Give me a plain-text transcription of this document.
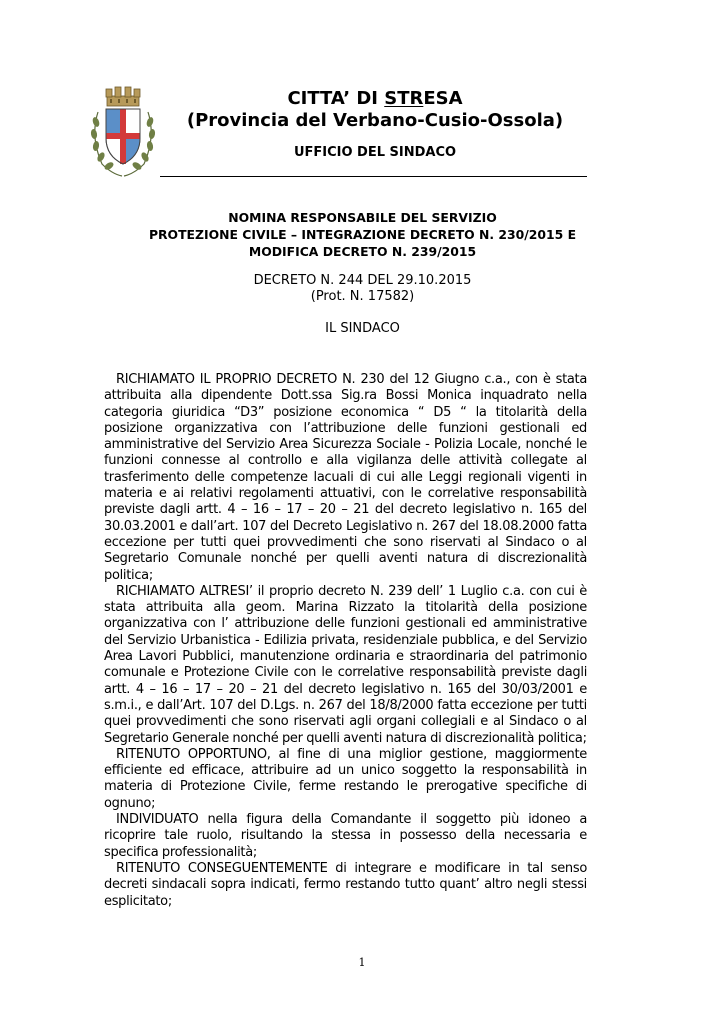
CITTA’ DI STRESA
(Provincia del Verbano-Cusio-Ossola)
UFFICIO DEL SINDACO
NOMINA RESPONSABILE DEL SERVIZIO
PROTEZIONE CIVILE – INTEGRAZIONE DECRETO N. 230/2015 E
MODIFICA DECRETO N. 239/2015
DECRETO N. 244 DEL 29.10.2015
(Prot. N. 17582)
IL SINDACO

RICHIAMATO IL PROPRIO DECRETO N. 230 del 12 Giugno c.a., con è stata attribuita alla dipendente Dott.ssa Sig.ra Bossi Monica inquadrato nella categoria giuridica “D3” posizione economica “ D5 “ la titolarità della posizione organizzativa con l’attribuzione delle funzioni gestionali ed amministrative del Servizio Area Sicurezza Sociale - Polizia Locale, nonché le funzioni connesse al controllo e alla vigilanza delle attività collegate al trasferimento delle competenze lacuali di cui alle Leggi regionali vigenti in materia e ai relativi regolamenti attuativi, con le correlative responsabilità previste dagli artt. 4 – 16 – 17 – 20 – 21 del decreto legislativo n. 165 del 30.03.2001 e dall’art. 107 del Decreto Legislativo n. 267 del 18.08.2000 fatta eccezione per tutti quei provvedimenti che sono riservati al Sindaco o al Segretario Comunale nonché per quelli aventi natura di discrezionalità politica;

RICHIAMATO ALTRESI’ il proprio decreto N. 239 dell’ 1 Luglio c.a. con cui è stata attribuita alla geom. Marina Rizzato la titolarità della posizione organizzativa con l’ attribuzione delle funzioni gestionali ed amministrative del Servizio Urbanistica - Edilizia privata, residenziale pubblica, e del Servizio Area Lavori Pubblici, manutenzione ordinaria e straordinaria del patrimonio comunale e Protezione Civile con le correlative responsabilità previste dagli artt. 4 – 16 – 17 – 20 – 21 del decreto legislativo n. 165 del 30/03/2001 e s.m.i., e dall’Art. 107 del D.Lgs. n. 267 del 18/8/2000 fatta eccezione per tutti quei provvedimenti che sono riservati agli organi collegiali e al Sindaco o al Segretario Generale nonché per quelli aventi natura di discrezionalità politica;

RITENUTO OPPORTUNO, al fine di una miglior gestione, maggiormente efficiente ed efficace, attribuire ad un unico soggetto la responsabilità in materia di Protezione Civile, ferme restando le prerogative specifiche di ognuno;

INDIVIDUATO nella figura della Comandante il soggetto più idoneo a ricoprire tale ruolo, risultando la stessa in possesso della necessaria e specifica professionalità;

RITENUTO CONSEGUENTEMENTE di integrare e modificare in tal senso decreti sindacali sopra indicati, fermo restando tutto quant’ altro negli stessi esplicitato;

1
